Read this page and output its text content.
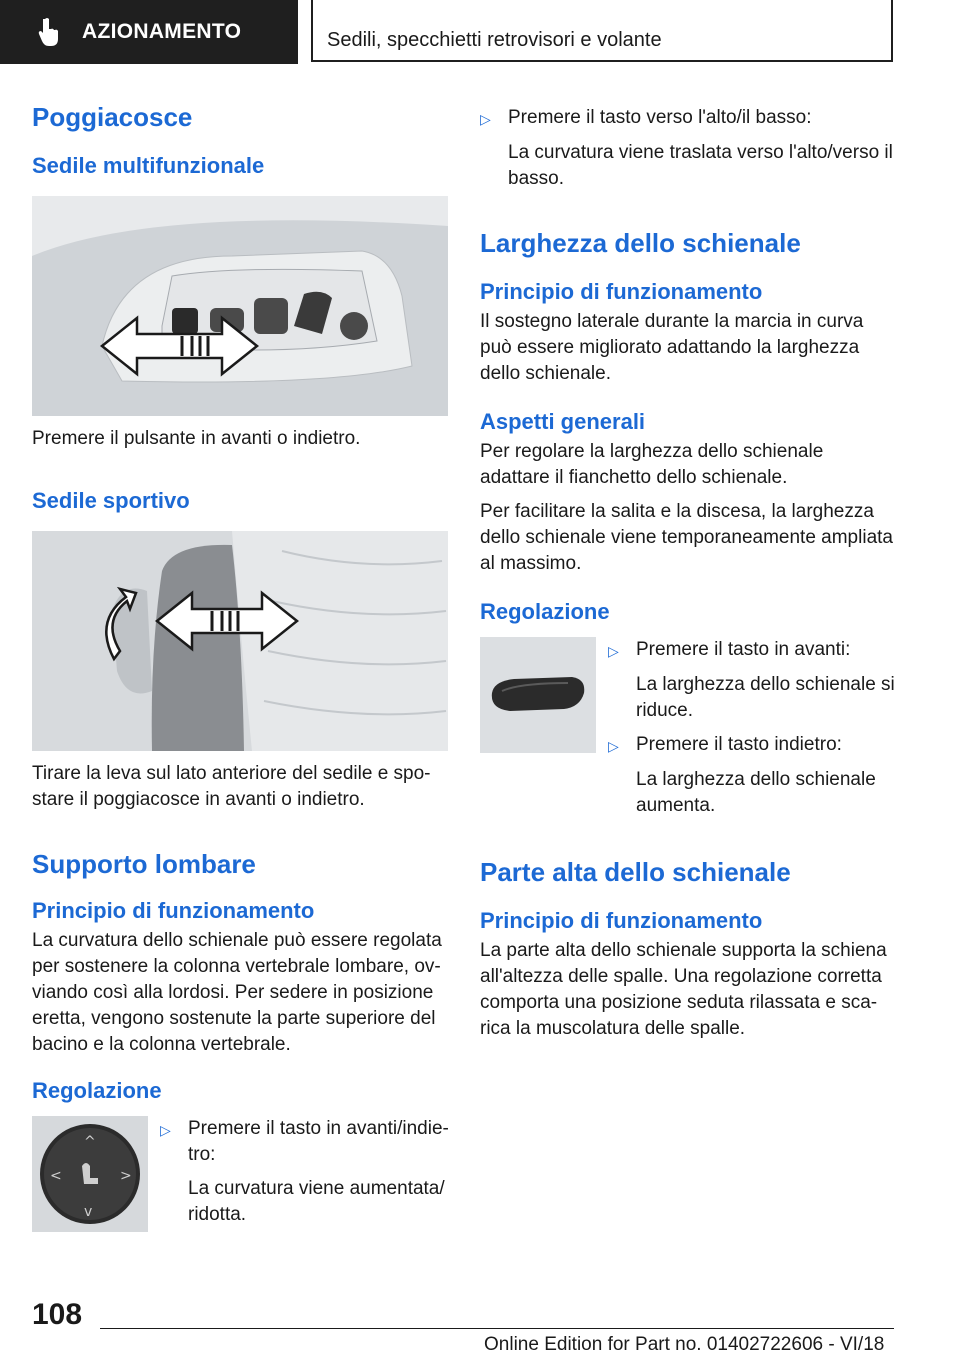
AZIONAMENTO	Sedili, specchietti retrovisori e volante
Poggiacosce
Sedile multifunzionale

Premere il pulsante in avanti o indietro.

Sedile sportivo

Tirare la leva sul lato anteriore del sedile e spo-stare il poggiacosce in avanti o indietro.

Supporto lombare
Principio di funzionamento

La curvatura dello schienale può essere regolata per sostenere la colonna vertebrale lombare, ov-viando così alla lordosi. Per sedere in posizione eretta, vengono sostenute la parte superiore del bacino e la colonna vertebrale.

Regolazione
^
<	>
v
▷ Premere il tasto in avanti/indie-tro:
La curvatura viene aumentata/ ridotta.
▷ Premere il tasto verso l'alto/il basso:
La curvatura viene traslata verso l'alto/verso il basso.
Larghezza dello schienale
Principio di funzionamento

Il sostegno laterale durante la marcia in curva può essere migliorato adattando la larghezza dello schienale.

Aspetti generali

Per regolare la larghezza dello schienale adattare il fianchetto dello schienale.

Per facilitare la salita e la discesa, la larghezza dello schienale viene temporaneamente ampliata al massimo.

Regolazione
▷ Premere il tasto in avanti:
La larghezza dello schienale si riduce.
▷ Premere il tasto indietro:
La larghezza dello schienale aumenta.
Parte alta dello schienale
Principio di funzionamento

La parte alta dello schienale supporta la schiena all'altezza delle spalle. Una regolazione corretta comporta una posizione seduta rilassata e sca-rica la muscolatura delle spalle.

108
Online Edition for Part no. 01402722606 - VI/18
